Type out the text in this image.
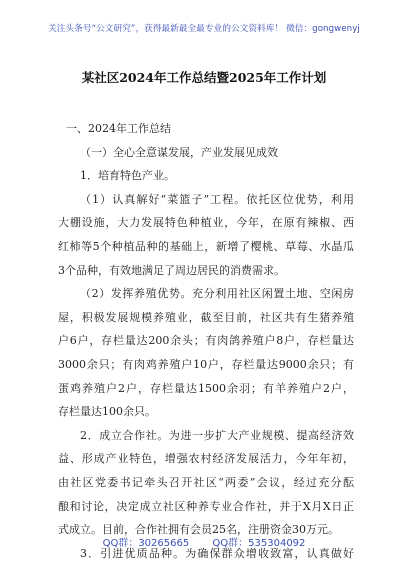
关注头条号“公文研究”，获得最新最全最专业的公文资料库！ 微信：gongwenyj
某社区2024年工作总结暨2025年工作计划

一、2024年工作总结

（一）全心全意谋发展，产业发展见成效

1．培育特色产业。

（1）认真解好“菜篮子”工程。依托区位优势，利用

大棚设施，大力发展特色种植业，今年，在原有辣椒、西

红柿等5个种植品种的基础上，新增了樱桃、草莓、水晶瓜

3个品种，有效地满足了周边居民的消费需求。

（2）发挥养殖优势。充分利用社区闲置土地、空闲房

屋，积极发展规模养殖业，截至目前，社区共有生猪养殖

户6户，存栏量达200余头；有肉鸽养殖户8户，存栏量达

3000余只；有肉鸡养殖户10户，存栏量达9000余只；有

蛋鸡养殖户2户，存栏量达1500余羽；有羊养殖户2户，

存栏量达100余只。

2．成立合作社。为进一步扩大产业规模、提高经济效

益、形成产业特色，增强农村经济发展活力，今年年初，

由社区党委书记牵头召开社区“两委”会议，经过充分酝

酿和讨论，决定成立社区种养专业合作社，并于X月X日正

式成立。目前，合作社拥有会员25名，注册资金30万元。

3．引进优质品种。为确保群众增收致富，认真做好

QQ群：30265665 QQ群：535304092
